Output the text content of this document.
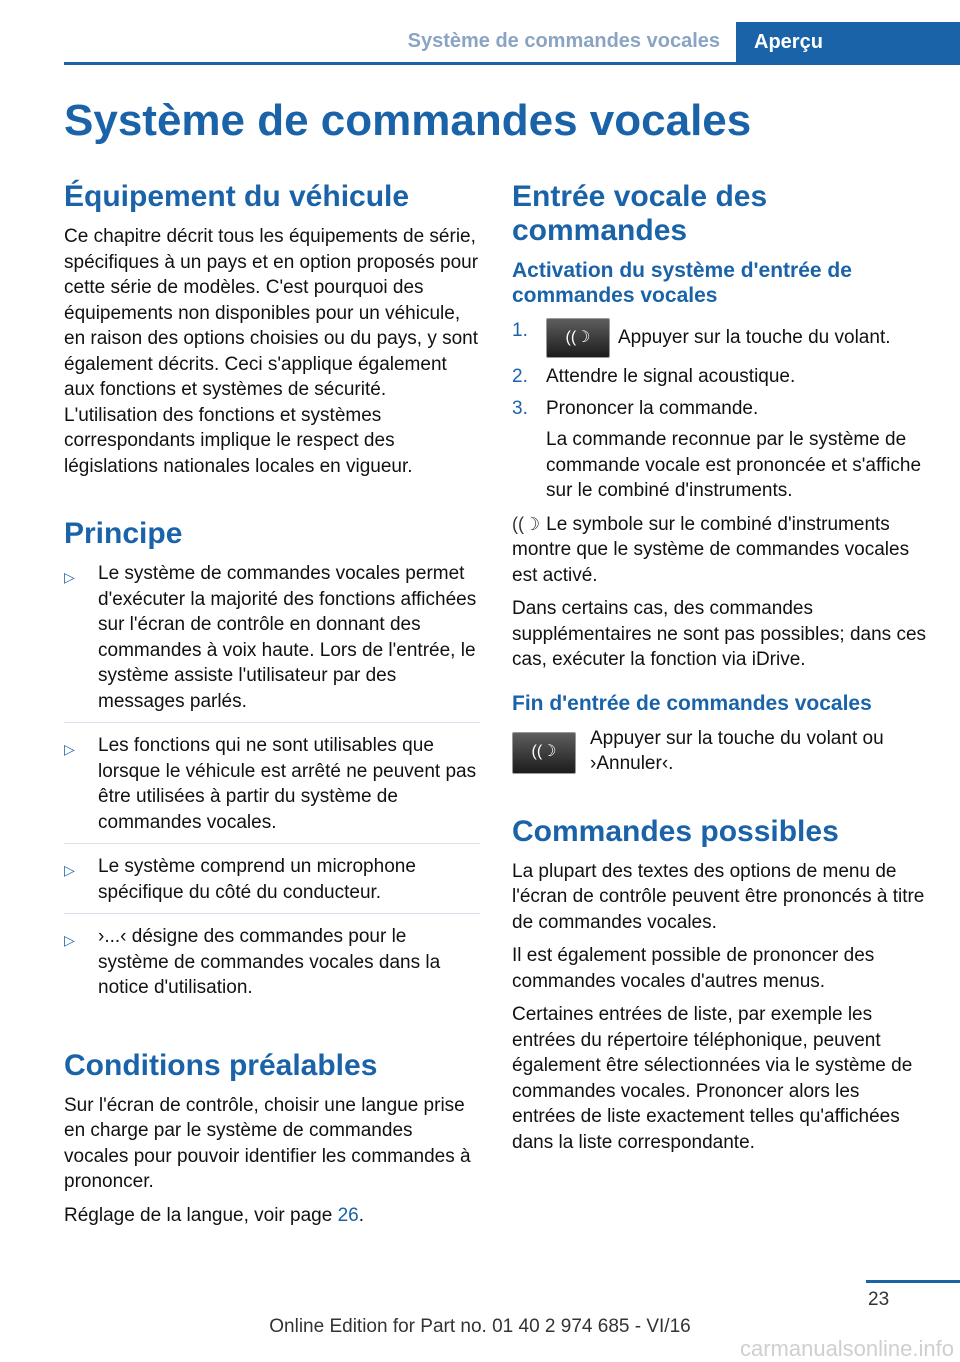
Système de commandes vocales	Aperçu
Système de commandes vocales
Équipement du véhicule

Ce chapitre décrit tous les équipements de série, spécifiques à un pays et en option proposés pour cette série de modèles. C'est pourquoi des équipements non disponibles pour un véhicule, en raison des options choisies ou du pays, y sont également décrits. Ceci s'applique également aux fonctions et systèmes de sécurité. L'utilisation des fonctions et systèmes correspondants implique le respect des législations nationales locales en vigueur.

Principe
▷ Le système de commandes vocales permet d'exécuter la majorité des fonctions affichées sur l'écran de contrôle en donnant des commandes à voix haute. Lors de l'entrée, le système assiste l'utilisateur par des messages parlés.
▷ Les fonctions qui ne sont utilisables que lorsque le véhicule est arrêté ne peuvent pas être utilisées à partir du système de commandes vocales.
▷ Le système comprend un microphone spécifique du côté du conducteur.
▷ ›...‹ désigne des commandes pour le système de commandes vocales dans la notice d'utilisation.
Conditions préalables

Sur l'écran de contrôle, choisir une langue prise en charge par le système de commandes vocales pour pouvoir identifier les commandes à prononcer.

Réglage de la langue, voir page 26.

Entrée vocale des commandes
Activation du système d'entrée de commandes vocales
1. ((☽ Appuyer sur la touche du volant.
2. Attendre le signal acoustique.
3. Prononcer la commande.
La commande reconnue par le système de commande vocale est prononcée et s'affiche sur le combiné d'instruments.

((☽ Le symbole sur le combiné d'instruments montre que le système de commandes vocales est activé.

Dans certains cas, des commandes supplémentaires ne sont pas possibles; dans ces cas, exécuter la fonction via iDrive.

Fin d'entrée de commandes vocales

((☽
Appuyer sur la touche du volant ou ›Annuler‹.

Commandes possibles

La plupart des textes des options de menu de l'écran de contrôle peuvent être prononcés à titre de commandes vocales.

Il est également possible de prononcer des commandes vocales d'autres menus.

Certaines entrées de liste, par exemple les entrées du répertoire téléphonique, peuvent également être sélectionnées via le système de commandes vocales. Prononcer alors les entrées de liste exactement telles qu'affichées dans la liste correspondante.

23
Online Edition for Part no. 01 40 2 974 685 - VI/16
carmanualsonline.info
